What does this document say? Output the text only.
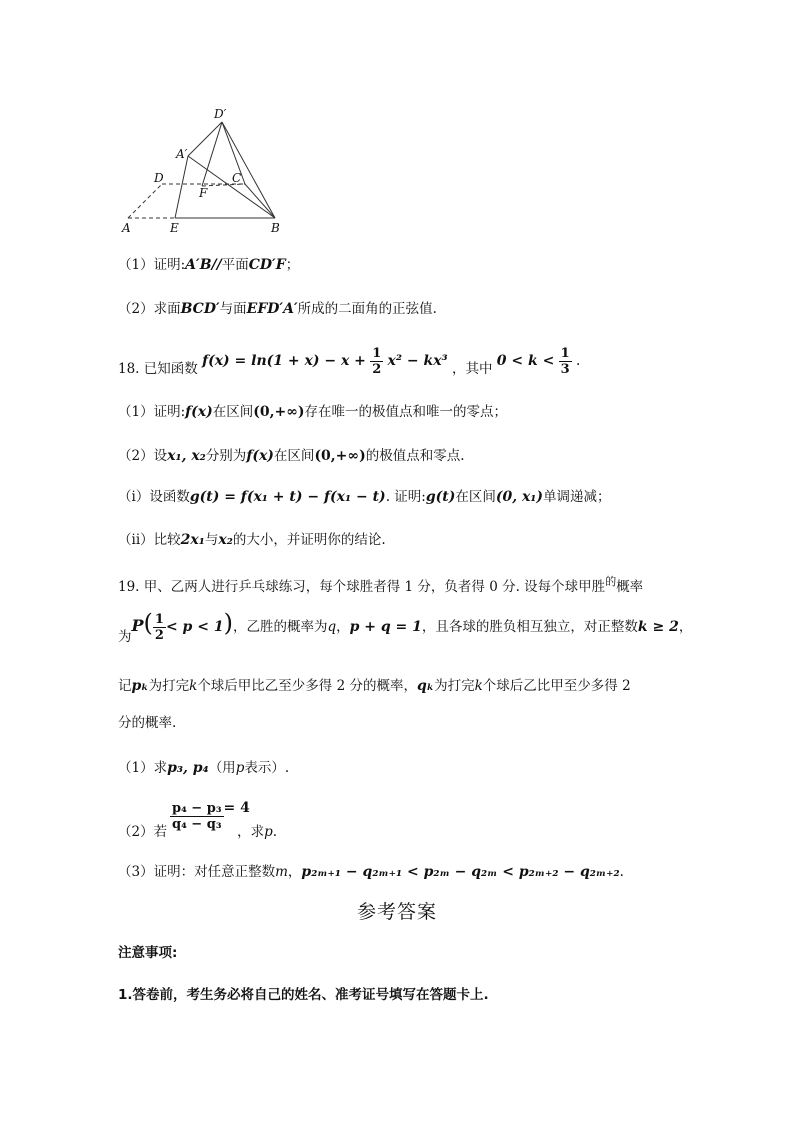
D′
A′
D	C
F
A	E	B
（1）证明:A′B//平面CD′F；
（2）求面BCD′与面EFD′A′所成的二面角的正弦值.
18. 已知函数 $f(x) = \ln(1 + x) - x + \frac{1}{2} x^2 - kx^3$ ，其中 $0 < k < \frac{1}{3}$ .
（1）证明:f(x)在区间(0,+∞)存在唯一的极值点和唯一的零点；
（2）设x₁, x₂分别为f(x)在区间(0,+∞)的极值点和零点.
（i）设函数g(t) = f(x₁ + t) − f(x₁ − t). 证明:g(t)在区间(0, x₁)单调递减；
（ii）比较2x₁与x₂的大小，并证明你的结论.
19. 甲、乙两人进行乒乓球练习，每个球胜者得 1 分，负者得 0 分. 设每个球甲胜$^的$概率
为$P( \frac{1}{2} < p < 1)$，乙胜的概率为q，p + q = 1，且各球的胜负相互独立，对正整数k ≥ 2，
记pₖ为打完k个球后甲比乙至少多得 2 分的概率，qₖ为打完k个球后乙比甲至少多得 2
分的概率.
（1）求p₃, p₄（用p表示）.
$\frac{\text{p₄ − p₃}}{\text{q₄ − q₃}} = 4$
（2）若	，求p.
（3）证明：对任意正整数m，p₂ₘ₊₁ − q₂ₘ₊₁ < p₂ₘ − q₂ₘ < p₂ₘ₊₂ − q₂ₘ₊₂.
参考答案
注意事项:
1.答卷前，考生务必将自己的姓名、准考证号填写在答题卡上.
